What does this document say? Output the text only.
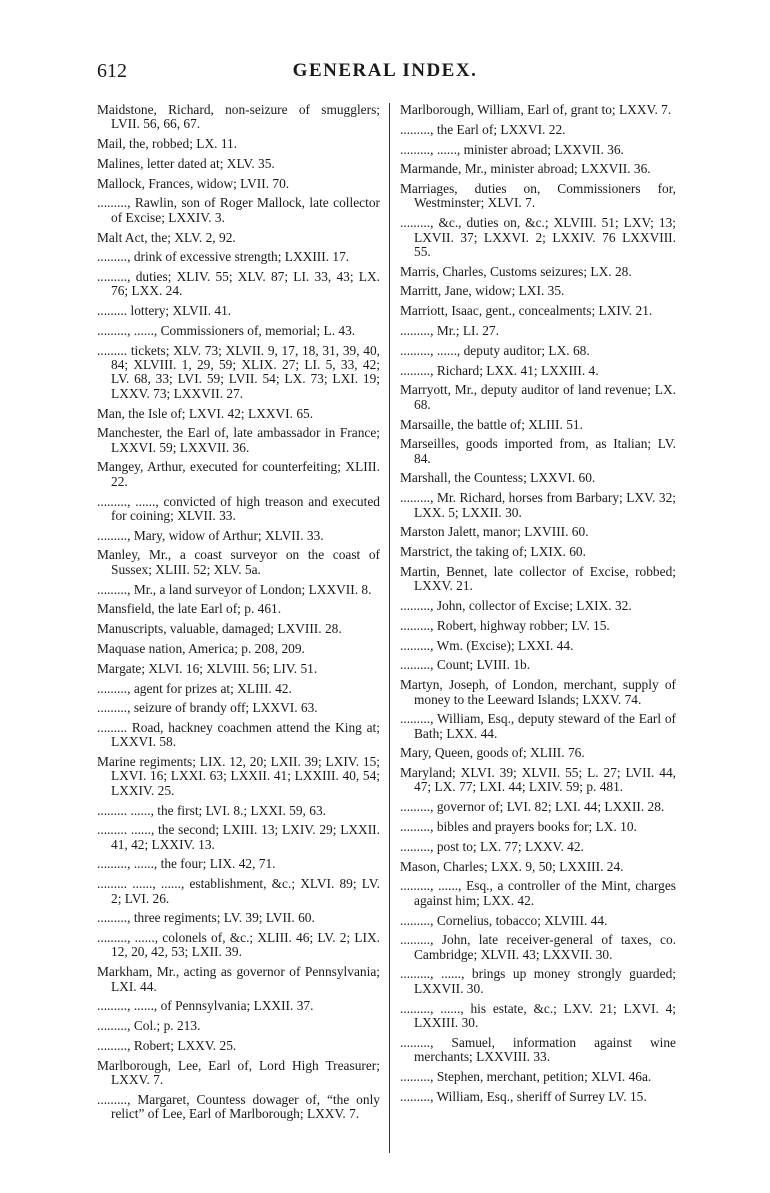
612	GENERAL INDEX.

Maidstone, Richard, non-seizure of smugglers; LVII. 56, 66, 67.

Mail, the, robbed; LX. 11.

Malines, letter dated at; XLV. 35.

Mallock, Frances, widow; LVII. 70.

........., Rawlin, son of Roger Mallock, late collector of Excise; LXXIV. 3.

Malt Act, the; XLV. 2, 92.

........., drink of excessive strength; LXXIII. 17.

........., duties; XLIV. 55; XLV. 87; LI. 33, 43; LX. 76; LXX. 24.

......... lottery; XLVII. 41.

........., ......, Commissioners of, memorial; L. 43.

......... tickets; XLV. 73; XLVII. 9, 17, 18, 31, 39, 40, 84; XLVIII. 1, 29, 59; XLIX. 27; LI. 5, 33, 42; LV. 68, 33; LVI. 59; LVII. 54; LX. 73; LXI. 19; LXXV. 73; LXXVII. 27.

Man, the Isle of; LXVI. 42; LXXVI. 65.

Manchester, the Earl of, late ambassador in France; LXXVI. 59; LXXVII. 36.

Mangey, Arthur, executed for counterfeiting; XLIII. 22.

........., ......, convicted of high treason and executed for coining; XLVII. 33.

........., Mary, widow of Arthur; XLVII. 33.

Manley, Mr., a coast surveyor on the coast of Sussex; XLIII. 52; XLV. 5a.

........., Mr., a land surveyor of London; LXXVII. 8.

Mansfield, the late Earl of; p. 461.

Manuscripts, valuable, damaged; LXVIII. 28.

Maquase nation, America; p. 208, 209.

Margate; XLVI. 16; XLVIII. 56; LIV. 51.

........., agent for prizes at; XLIII. 42.

........., seizure of brandy off; LXXVI. 63.

......... Road, hackney coachmen attend the King at; LXXVI. 58.

Marine regiments; LIX. 12, 20; LXII. 39; LXIV. 15; LXVI. 16; LXXI. 63; LXXII. 41; LXXIII. 40, 54; LXXIV. 25.

......... ......, the first; LVI. 8.; LXXI. 59, 63.

......... ......, the second; LXIII. 13; LXIV. 29; LXXII. 41, 42; LXXIV. 13.

........., ......, the four; LIX. 42, 71.

......... ......, ......, establishment, &c.; XLVI. 89; LV. 2; LVI. 26.

........., three regiments; LV. 39; LVII. 60.

........., ......, colonels of, &c.; XLIII. 46; LV. 2; LIX. 12, 20, 42, 53; LXII. 39.

Markham, Mr., acting as governor of Pennsylvania; LXI. 44.

........., ......, of Pennsylvania; LXXII. 37.

........., Col.; p. 213.

........., Robert; LXXV. 25.

Marlborough, Lee, Earl of, Lord High Treasurer; LXXV. 7.

........., Margaret, Countess dowager of, “the only relict” of Lee, Earl of Marlborough; LXXV. 7.

Marlborough, William, Earl of, grant to; LXXV. 7.

........., the Earl of; LXXVI. 22.

........., ......, minister abroad; LXXVII. 36.

Marmande, Mr., minister abroad; LXXVII. 36.

Marriages, duties on, Commissioners for, Westminster; XLVI. 7.

........., &c., duties on, &c.; XLVIII. 51; LXV; 13; LXVII. 37; LXXVI. 2; LXXIV. 76 LXXVIII. 55.

Marris, Charles, Customs seizures; LX. 28.

Marritt, Jane, widow; LXI. 35.

Marriott, Isaac, gent., concealments; LXIV. 21.

........., Mr.; LI. 27.

........., ......, deputy auditor; LX. 68.

........., Richard; LXX. 41; LXXIII. 4.

Marryott, Mr., deputy auditor of land revenue; LX. 68.

Marsaille, the battle of; XLIII. 51.

Marseilles, goods imported from, as Italian; LV. 84.

Marshall, the Countess; LXXVI. 60.

........., Mr. Richard, horses from Barbary; LXV. 32; LXX. 5; LXXII. 30.

Marston Jalett, manor; LXVIII. 60.

Marstrict, the taking of; LXIX. 60.

Martin, Bennet, late collector of Excise, robbed; LXXV. 21.

........., John, collector of Excise; LXIX. 32.

........., Robert, highway robber; LV. 15.

........., Wm. (Excise); LXXI. 44.

........., Count; LVIII. 1b.

Martyn, Joseph, of London, merchant, supply of money to the Leeward Islands; LXXV. 74.

........., William, Esq., deputy steward of the Earl of Bath; LXX. 44.

Mary, Queen, goods of; XLIII. 76.

Maryland; XLVI. 39; XLVII. 55; L. 27; LVII. 44, 47; LX. 77; LXI. 44; LXIV. 59; p. 481.

........., governor of; LVI. 82; LXI. 44; LXXII. 28.

........., bibles and prayers books for; LX. 10.

........., post to; LX. 77; LXXV. 42.

Mason, Charles; LXX. 9, 50; LXXIII. 24.

........., ......, Esq., a controller of the Mint, charges against him; LXX. 42.

........., Cornelius, tobacco; XLVIII. 44.

........., John, late receiver-general of taxes, co. Cambridge; XLVII. 43; LXXVII. 30.

........., ......, brings up money strongly guarded; LXXVII. 30.

........., ......, his estate, &c.; LXV. 21; LXVI. 4; LXXIII. 30.

........., Samuel, information against wine merchants; LXXVIII. 33.

........., Stephen, merchant, petition; XLVI. 46a.

........., William, Esq., sheriff of Surrey LV. 15.
